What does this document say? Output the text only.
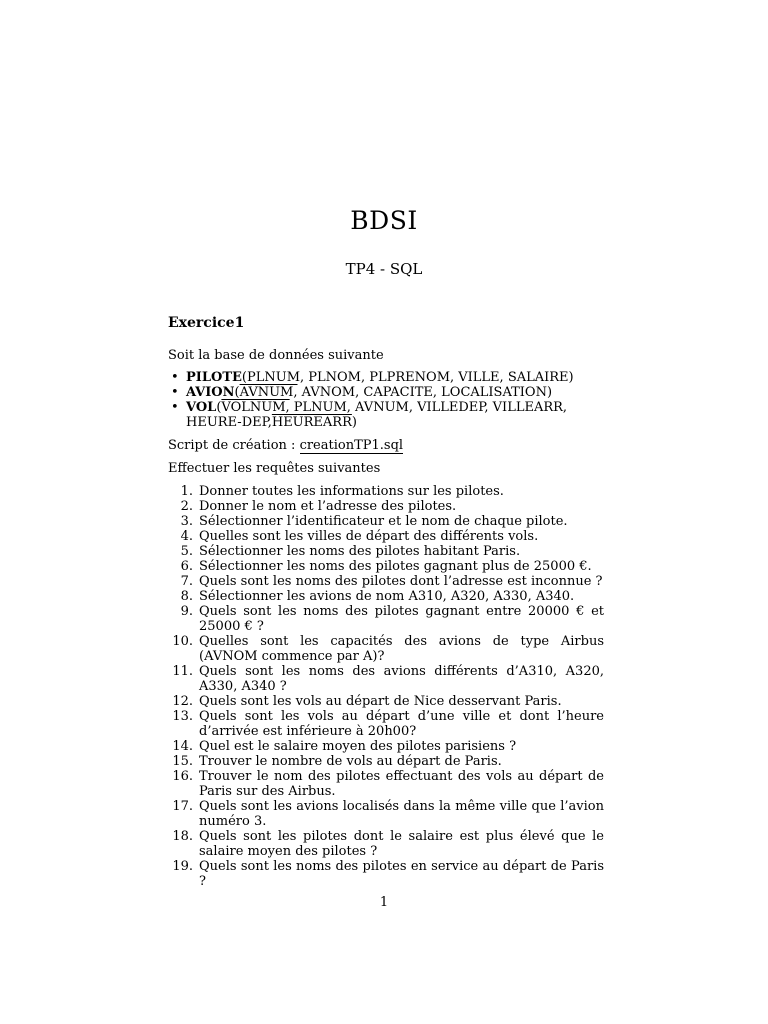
BDSI
TP4 - SQL
Exercice1

Soit la base de données suivante

• PILOTE(PLNUM, PLNOM, PLPRENOM, VILLE, SALAIRE)
• AVION(AVNUM, AVNOM, CAPACITE, LOCALISATION)
• VOL(VOLNUM, PLNUM, AVNUM, VILLEDEP, VILLEARR, HEURE-DEP,HEUREARR)

Script de création : creationTP1.sql

Effectuer les requêtes suivantes

1. Donner toutes les informations sur les pilotes.
2. Donner le nom et l’adresse des pilotes.
3. Sélectionner l’identificateur et le nom de chaque pilote.
4. Quelles sont les villes de départ des différents vols.
5. Sélectionner les noms des pilotes habitant Paris.
6. Sélectionner les noms des pilotes gagnant plus de 25000 €.
7. Quels sont les noms des pilotes dont l’adresse est inconnue ?
8. Sélectionner les avions de nom A310, A320, A330, A340.
9. Quels sont les noms des pilotes gagnant entre 20000 € et 25000 € ?
10. Quelles sont les capacités des avions de type Airbus (AVNOM commence par A)?
11. Quels sont les noms des avions différents d’A310, A320, A330, A340 ?
12. Quels sont les vols au départ de Nice desservant Paris.
13. Quels sont les vols au départ d’une ville et dont l’heure d’arrivée est inférieure à 20h00?
14. Quel est le salaire moyen des pilotes parisiens ?
15. Trouver le nombre de vols au départ de Paris.
16. Trouver le nom des pilotes effectuant des vols au départ de Paris sur des Airbus.
17. Quels sont les avions localisés dans la même ville que l’avion numéro 3.
18. Quels sont les pilotes dont le salaire est plus élevé que le salaire moyen des pilotes ?
19. Quels sont les noms des pilotes en service au départ de Paris ?
1
